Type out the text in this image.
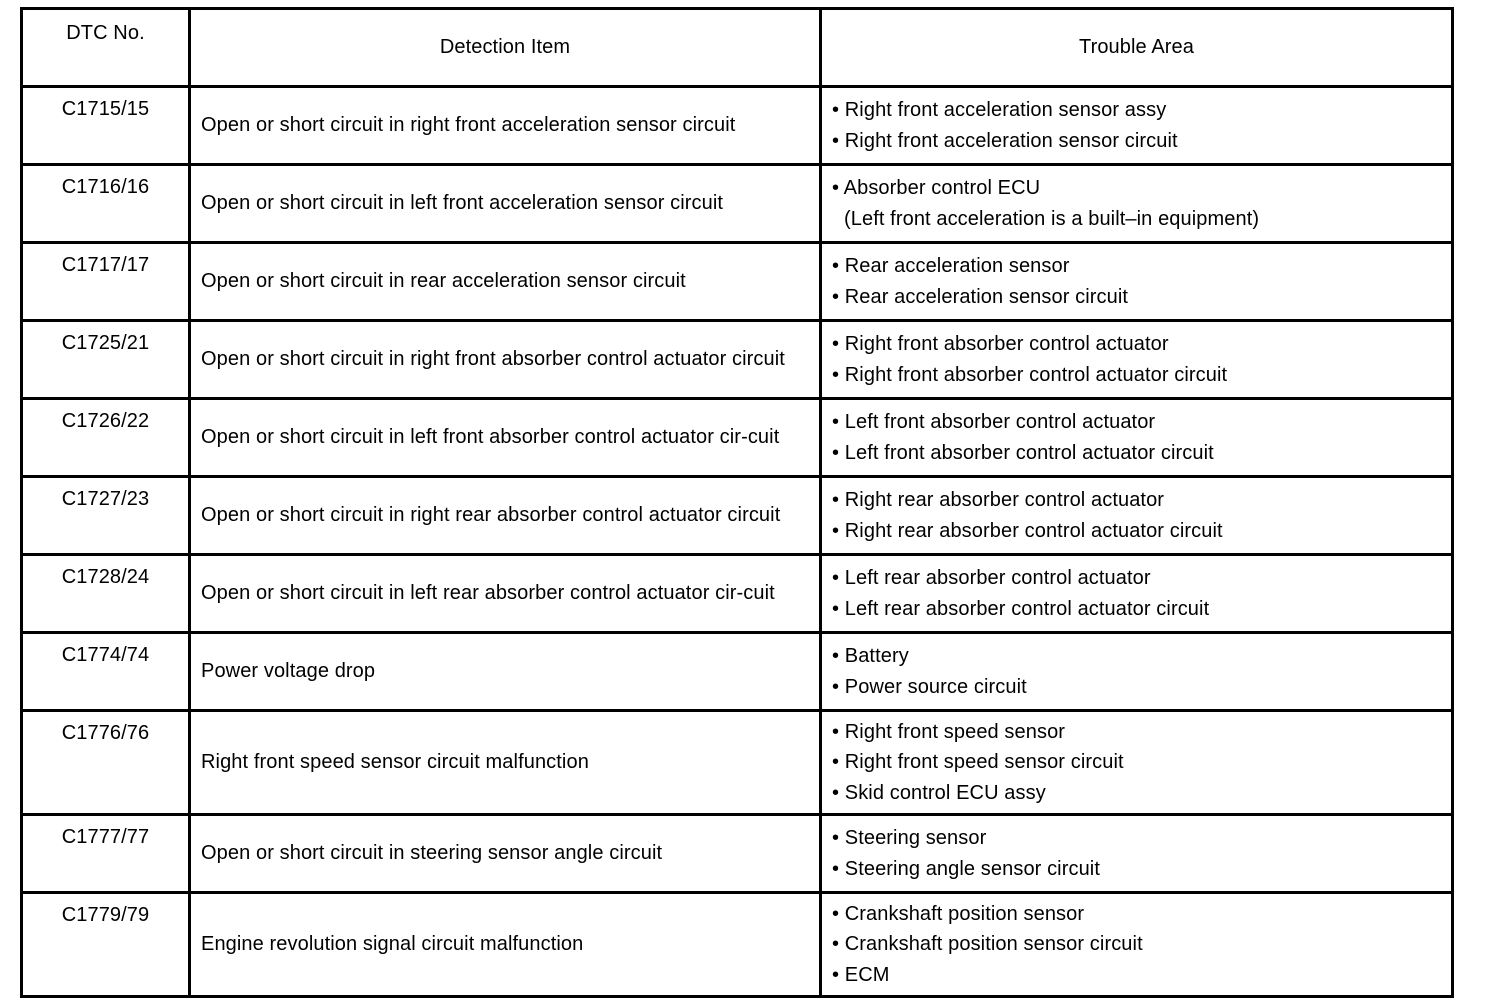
DTC No.	Detection Item	Trouble Area
C1715/15	Open or short circuit in right front acceleration sensor circuit	• Right front acceleration sensor assy
• Right front acceleration sensor circuit

C1716/16	Open or short circuit in left front acceleration sensor circuit	• Absorber control ECU
(Left front acceleration is a built–in equipment)

C1717/17	Open or short circuit in rear acceleration sensor circuit	• Rear acceleration sensor
• Rear acceleration sensor circuit

C1725/21	Open or short circuit in right front absorber control actuator circuit	• Right front absorber control actuator
• Right front absorber control actuator circuit

C1726/22	Open or short circuit in left front absorber control actuator cir-cuit	• Left front absorber control actuator
• Left front absorber control actuator circuit

C1727/23	Open or short circuit in right rear absorber control actuator circuit	• Right rear absorber control actuator
• Right rear absorber control actuator circuit

C1728/24	Open or short circuit in left rear absorber control actuator cir-cuit	• Left rear absorber control actuator
• Left rear absorber control actuator circuit

C1774/74	Power voltage drop	• Battery
• Power source circuit

C1776/76	Right front speed sensor circuit malfunction	• Right front speed sensor
• Right front speed sensor circuit
• Skid control ECU assy

C1777/77	Open or short circuit in steering sensor angle circuit	• Steering sensor
• Steering angle sensor circuit

C1779/79	Engine revolution signal circuit malfunction	• Crankshaft position sensor
• Crankshaft position sensor circuit
• ECM
